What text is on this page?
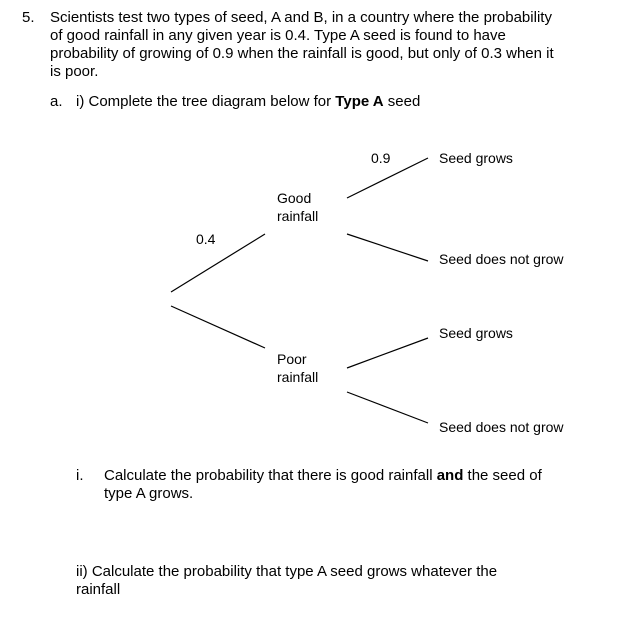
5. Scientists test two types of seed, A and B, in a country where the probability
of good rainfall in any given year is 0.4. Type A seed is found to have
probability of growing of 0.9 when the rainfall is good, but only of 0.3 when it
is poor.
a. i) Complete the tree diagram below for Type A seed
0.9	Seed grows
Good
rainfall
0.4
Seed does not grow
Seed grows
Poor
rainfall
Seed does not grow
i. Calculate the probability that there is good rainfall and the seed of
type A grows.
ii) Calculate the probability that type A seed grows whatever the
rainfall
